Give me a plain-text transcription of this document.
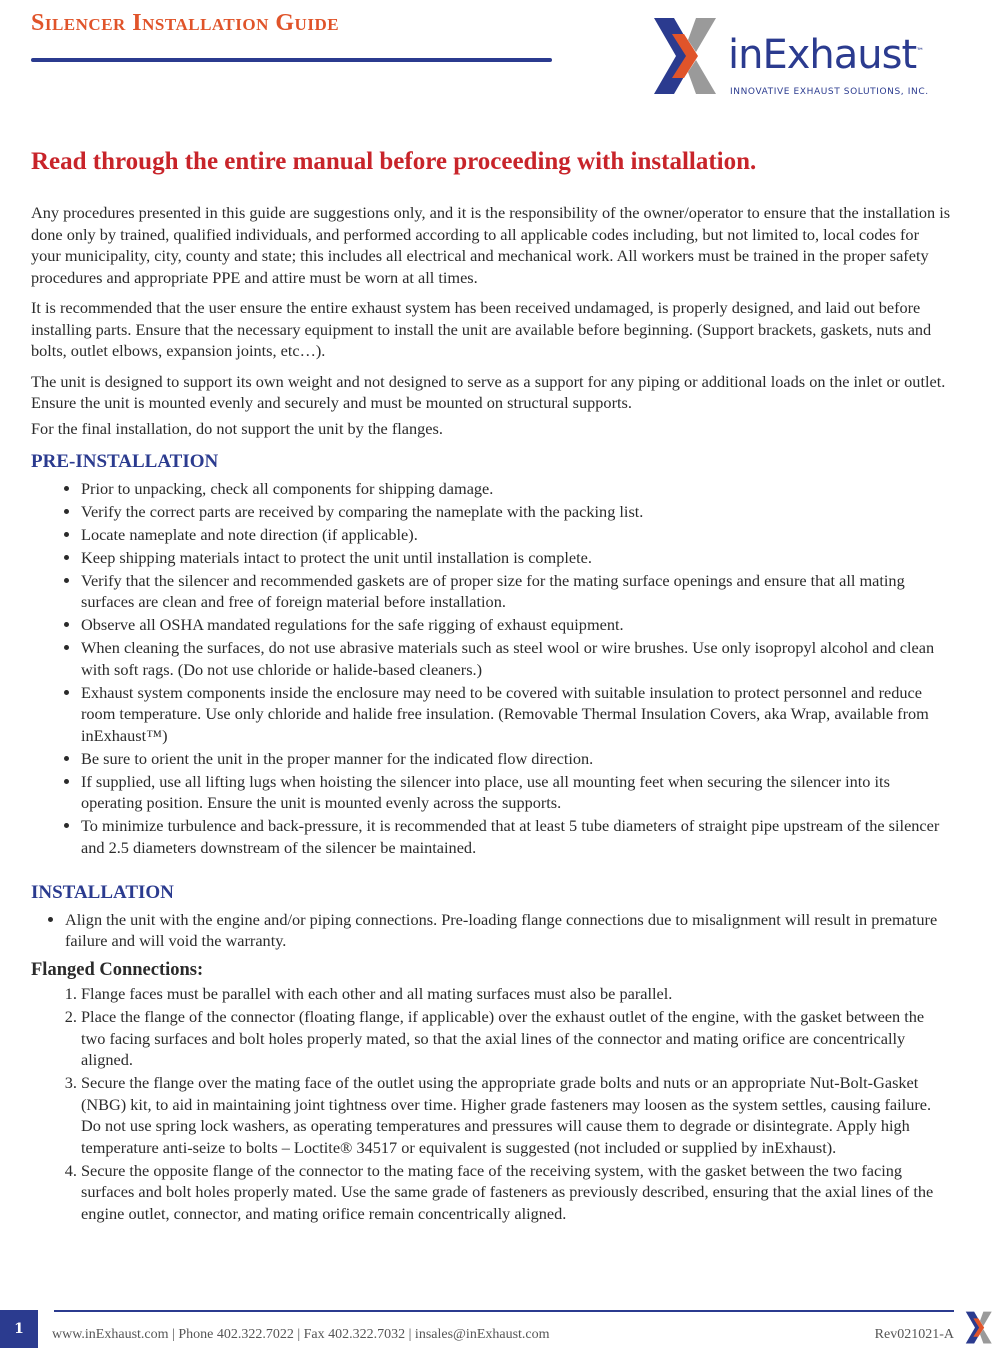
Silencer Installation Guide
inExhaust™
INNOVATIVE EXHAUST SOLUTIONS, INC.
Read through the entire manual before proceeding with installation.

Any procedures presented in this guide are suggestions only, and it is the responsibility of the owner/operator to ensure that the installation is done only by trained, qualified individuals, and performed according to all applicable codes including, but not limited to, local codes for your municipality, city, county and state; this includes all electrical and mechanical work. All workers must be trained in the proper safety procedures and appropriate PPE and attire must be worn at all times.

It is recommended that the user ensure the entire exhaust system has been received undamaged, is properly designed, and laid out before installing parts. Ensure that the necessary equipment to install the unit are available before beginning. (Support brackets, gaskets, nuts and bolts, outlet elbows, expansion joints, etc…).

The unit is designed to support its own weight and not designed to serve as a support for any piping or additional loads on the inlet or outlet. Ensure the unit is mounted evenly and securely and must be mounted on structural supports.

For the final installation, do not support the unit by the flanges.

PRE-INSTALLATION
• Prior to unpacking, check all components for shipping damage.
• Verify the correct parts are received by comparing the nameplate with the packing list.
• Locate nameplate and note direction (if applicable).
• Keep shipping materials intact to protect the unit until installation is complete.
• Verify that the silencer and recommended gaskets are of proper size for the mating surface openings and ensure that all mating surfaces are clean and free of foreign material before installation.
• Observe all OSHA mandated regulations for the safe rigging of exhaust equipment.
• When cleaning the surfaces, do not use abrasive materials such as steel wool or wire brushes. Use only isopropyl alcohol and clean with soft rags. (Do not use chloride or halide-based cleaners.)
• Exhaust system components inside the enclosure may need to be covered with suitable insulation to protect personnel and reduce room temperature. Use only chloride and halide free insulation. (Removable Thermal Insulation Covers, aka Wrap, available from inExhaust™)
• Be sure to orient the unit in the proper manner for the indicated flow direction.
• If supplied, use all lifting lugs when hoisting the silencer into place, use all mounting feet when securing the silencer into its operating position. Ensure the unit is mounted evenly across the supports.
• To minimize turbulence and back-pressure, it is recommended that at least 5 tube diameters of straight pipe upstream of the silencer and 2.5 diameters downstream of the silencer be maintained.
INSTALLATION
• Align the unit with the engine and/or piping connections. Pre-loading flange connections due to misalignment will result in premature failure and will void the warranty.
Flanged Connections:
1. Flange faces must be parallel with each other and all mating surfaces must also be parallel.
2. Place the flange of the connector (floating flange, if applicable) over the exhaust outlet of the engine, with the gasket between the two facing surfaces and bolt holes properly mated, so that the axial lines of the connector and mating orifice are concentrically aligned.
3. Secure the flange over the mating face of the outlet using the appropriate grade bolts and nuts or an appropriate Nut-Bolt-Gasket (NBG) kit, to aid in maintaining joint tightness over time. Higher grade fasteners may loosen as the system settles, causing failure. Do not use spring lock washers, as operating temperatures and pressures will cause them to degrade or disintegrate. Apply high temperature anti-seize to bolts – Loctite® 34517 or equivalent is suggested (not included or supplied by inExhaust).
4. Secure the opposite flange of the connector to the mating face of the receiving system, with the gasket between the two facing surfaces and bolt holes properly mated. Use the same grade of fasteners as previously described, ensuring that the axial lines of the engine outlet, connector, and mating orifice remain concentrically aligned.
1	www.inExhaust.com | Phone 402.322.7022 | Fax 402.322.7032 | insales@inExhaust.com	Rev021021-A
